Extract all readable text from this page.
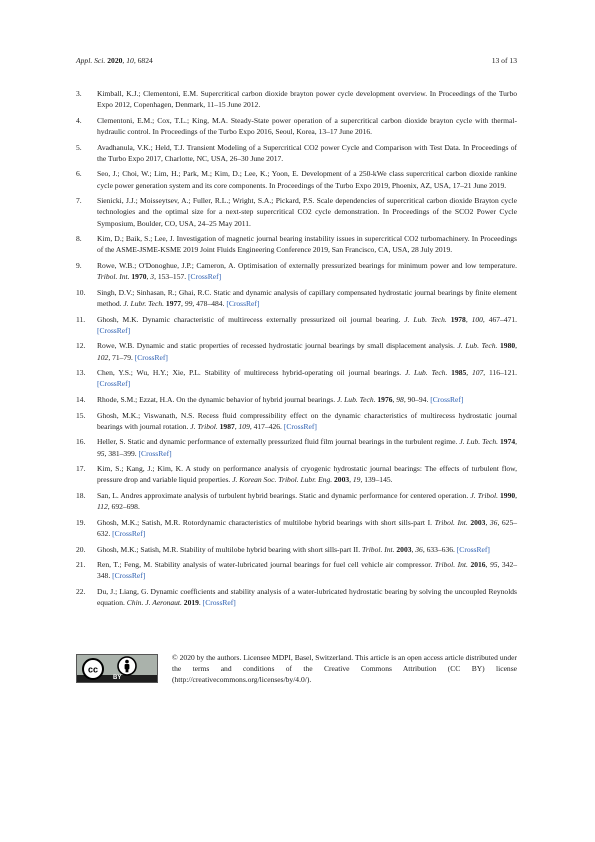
Appl. Sci. 2020, 10, 6824	13 of 13
3. Kimball, K.J.; Clementoni, E.M. Supercritical carbon dioxide brayton power cycle development overview. In Proceedings of the Turbo Expo 2012, Copenhagen, Denmark, 11–15 June 2012.
4. Clementoni, E.M.; Cox, T.L.; King, M.A. Steady-State power operation of a supercritical carbon dioxide brayton cycle with thermal-hydraulic control. In Proceedings of the Turbo Expo 2016, Seoul, Korea, 13–17 June 2016.
5. Avadhanula, V.K.; Held, T.J. Transient Modeling of a Supercritical CO2 power Cycle and Comparison with Test Data. In Proceedings of the Turbo Expo 2017, Charlotte, NC, USA, 26–30 June 2017.
6. Seo, J.; Choi, W.; Lim, H.; Park, M.; Kim, D.; Lee, K.; Yoon, E. Development of a 250-kWe class supercritical carbon dioxide rankine cycle power generation system and its core components. In Proceedings of the Turbo Expo 2019, Phoenix, AZ, USA, 17–21 June 2019.
7. Sienicki, J.J.; Moisseytsev, A.; Fuller, R.L.; Wright, S.A.; Pickard, P.S. Scale dependencies of supercritical carbon dioxide Brayton cycle technologies and the optimal size for a next-step supercritical CO2 cycle demonstration. In Proceedings of the SCO2 Power Cycle Symposium, Boulder, CO, USA, 24–25 May 2011.
8. Kim, D.; Baik, S.; Lee, J. Investigation of magnetic journal bearing instability issues in supercritical CO2 turbomachinery. In Proceedings of the ASME-JSME-KSME 2019 Joint Fluids Engineering Conference 2019, San Francisco, CA, USA, 28 July 2019.
9. Rowe, W.B.; O'Donoghue, J.P.; Cameron, A. Optimisation of externally pressurized bearings for minimum power and low temperature. Tribol. Int. 1970, 3, 153–157. [CrossRef]
10. Singh, D.V.; Sinhasan, R.; Ghai, R.C. Static and dynamic analysis of capillary compensated hydrostatic journal bearings by finite element method. J. Lubr. Tech. 1977, 99, 478–484. [CrossRef]
11. Ghosh, M.K. Dynamic characteristic of multirecess externally pressurized oil journal bearing. J. Lub. Tech. 1978, 100, 467–471. [CrossRef]
12. Rowe, W.B. Dynamic and static properties of recessed hydrostatic journal bearings by small displacement analysis. J. Lub. Tech. 1980, 102, 71–79. [CrossRef]
13. Chen, Y.S.; Wu, H.Y.; Xie, P.L. Stability of multirecess hybrid-operating oil journal bearings. J. Lub. Tech. 1985, 107, 116–121. [CrossRef]
14. Rhode, S.M.; Ezzat, H.A. On the dynamic behavior of hybrid journal bearings. J. Lub. Tech. 1976, 98, 90–94. [CrossRef]
15. Ghosh, M.K.; Viswanath, N.S. Recess fluid compressibility effect on the dynamic characteristics of multirecess hydrostatic journal bearings with journal rotation. J. Tribol. 1987, 109, 417–426. [CrossRef]
16. Heller, S. Static and dynamic performance of externally pressurized fluid film journal bearings in the turbulent regime. J. Lub. Tech. 1974, 95, 381–399. [CrossRef]
17. Kim, S.; Kang, J.; Kim, K. A study on performance analysis of cryogenic hydrostatic journal bearings: The effects of turbulent flow, pressure drop and variable liquid properties. J. Korean Soc. Tribol. Lubr. Eng. 2003, 19, 139–145.
18. San, L. Andres approximate analysis of turbulent hybrid bearings. Static and dynamic performance for centered operation. J. Tribol. 1990, 112, 692–698.
19. Ghosh, M.K.; Satish, M.R. Rotordynamic characteristics of multilobe hybrid bearings with short sills-part I. Tribol. Int. 2003, 36, 625–632. [CrossRef]
20. Ghosh, M.K.; Satish, M.R. Stability of multilobe hybrid bearing with short sills-part II. Tribol. Int. 2003, 36, 633–636. [CrossRef]
21. Ren, T.; Feng, M. Stability analysis of water-lubricated journal bearings for fuel cell vehicle air compressor. Tribol. Int. 2016, 95, 342–348. [CrossRef]
22. Du, J.; Liang, G. Dynamic coefficients and stability analysis of a water-lubricated hydrostatic bearing by solving the uncoupled Reynolds equation. Chin. J. Aeronaut. 2019. [CrossRef]
cc
BY
© 2020 by the authors. Licensee MDPI, Basel, Switzerland. This article is an open access article distributed under the terms and conditions of the Creative Commons Attribution (CC BY) license (http://creativecommons.org/licenses/by/4.0/).
